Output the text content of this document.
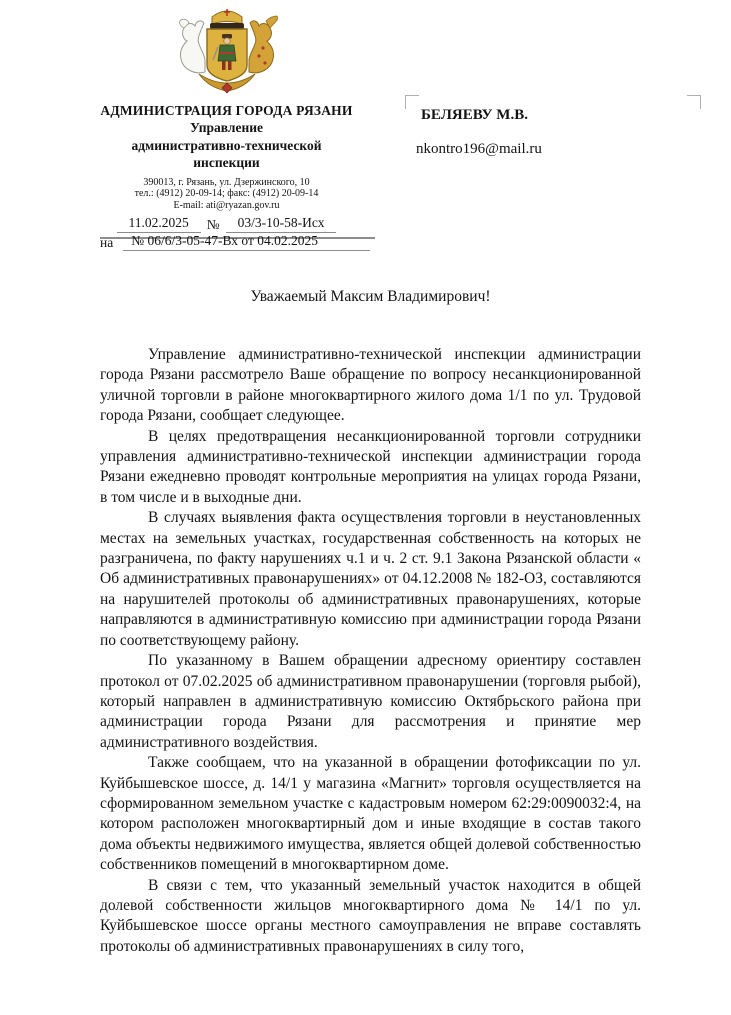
АДМИНИСТРАЦИЯ ГОРОДА РЯЗАНИ
Управление
административно-технической
инспекции
390013, г. Рязань, ул. Дзержинского, 10
тел.: (4912) 20-09-14; факс: (4912) 20-09-14
E-mail: ati@ryazan.gov.ru
11.02.2025	№	03/3-10-58-Исх
на	№ 06/6/3-05-47-Вх от 04.02.2025
БЕЛЯЕВУ М.В.
nkontro196@mail.ru
Уважаемый Максим Владимирович!

Управление административно-технической инспекции администрации города Рязани рассмотрело Ваше обращение по вопросу несанкционированной уличной торговли в районе многоквартирного жилого дома 1/1 по ул. Трудовой города Рязани, сообщает следующее.

В целях предотвращения несанкционированной торговли сотрудники управления административно-технической инспекции администрации города Рязани ежедневно проводят контрольные мероприятия на улицах города Рязани, в том числе и в выходные дни.

В случаях выявления факта осуществления торговли в неустановленных местах на земельных участках, государственная собственность на которых не разграничена, по факту нарушениях ч.1 и ч. 2 ст. 9.1 Закона Рязанской области « Об административных правонарушениях» от 04.12.2008 № 182-ОЗ, составляются на нарушителей протоколы об административных правонарушениях, которые направляются в административную комиссию при администрации города Рязани по соответствующему району.

По указанному в Вашем обращении адресному ориентиру составлен протокол от 07.02.2025 об административном правонарушении (торговля рыбой), который направлен в административную комиссию Октябрьского района при администрации города Рязани для рассмотрения и принятие мер административного воздействия.

Также сообщаем, что на указанной в обращении фотофиксации по ул. Куйбышевское шоссе, д. 14/1 у магазина «Магнит» торговля осуществляется на сформированном земельном участке с кадастровым номером 62:29:0090032:4, на котором расположен многоквартирный дом и иные входящие в состав такого дома объекты недвижимого имущества, является общей долевой собственностью собственников помещений в многоквартирном доме.

В связи с тем, что указанный земельный участок находится в общей долевой собственности жильцов многоквартирного дома № 14/1 по ул. Куйбышевское шоссе органы местного самоуправления не вправе составлять протоколы об административных правонарушениях в силу того,
